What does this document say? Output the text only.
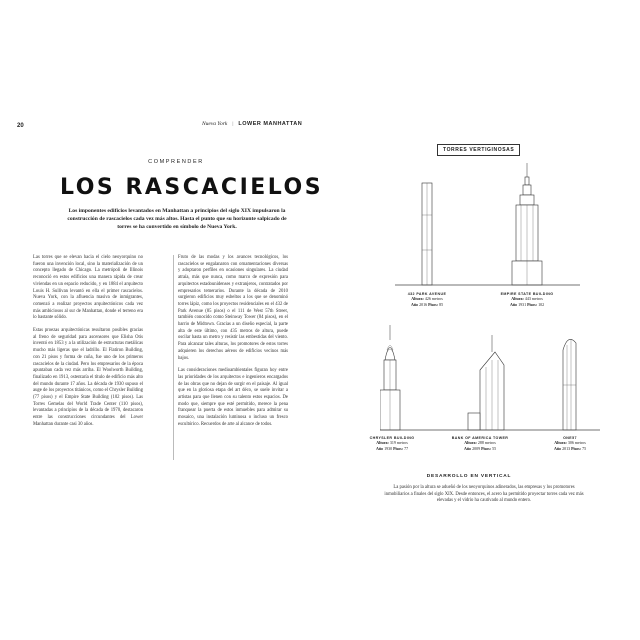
20	Nueva York | LOWER MANHATTAN
COMPRENDER
LOS RASCACIELOS
Los imponentes edificios levantados en Manhattan a principios del siglo XIX impulsaron la construcción de rascacielos cada vez más altos. Hasta el punto que su horizonte salpicado de torres se ha convertido en símbolo de Nueva York.

Las torres que se elevan hacia el cielo neoyorquino no fueron una invención local, sino la materialización de un concepto llegado de Chicago. La metrópoli de Illinois reconoció en estos edificios una manera rápida de crear viviendas en un espacio reducido, y en 1884 el arquitecto Louis H. Sullivan levantó en ella el primer rascacielos. Nueva York, con la afluencia masiva de inmigrantes, comenzó a realizar proyectos arquitectónicos cada vez más ambiciosos al sur de Manhattan, donde el terreno era lo bastante sólido.

Estas proezas arquitectónicas resultaron posibles gracias al freno de seguridad para ascensores que Elisha Otis inventó en 1853 y a la utilización de estructuras metálicas mucho más ligeras que el ladrillo. El Flatiron Building, con 21 pisos y forma de cuña, fue uno de los primeros rascacielos de la ciudad. Pero los empresarios de la época apuntaban cada vez más arriba. El Woolworth Building, finalizado en 1913, ostentaría el título de edificio más alto del mundo durante 17 años. La década de 1930 supuso el auge de los proyectos titánicos, como el Chrysler Building (77 pisos) y el Empire State Building (102 pisos). Las Torres Gemelas del World Trade Center (110 pisos), levantadas a principios de la década de 1970, destacaron entre las construcciones circundantes del Lower Manhattan durante casi 30 años.

Fruto de las modas y los avances tecnológicos, los rascacielos se engalanaron con ornamentaciones diversas y adoptaron perfiles en ocasiones singulares. La ciudad atraía, más que nunca, como marco de expresión para arquitectos estadounidenses y extranjeros, contratados por empresarios temerarios. Durante la década de 2010 surgieron edificios muy esbeltos a los que se denominó torres lápiz, como los proyectos residenciales en el 432 de Park Avenue (85 pisos) o el 111 de West 57th Street, también conocido como Steinway Tower (84 pisos), en el barrio de Midtown. Gracias a un diseño especial, la parte alta de este último, con 435 metros de altura, puede oscilar hasta un metro y resistir las embestidas del viento. Para alcanzar tales alturas, los promotores de estos torres adquieren los derechos aéreos de edificios vecinos más bajos.

Las consideraciones medioambientales figuran hoy entre las prioridades de los arquitectos e ingenieros encargados de las obras que no dejan de surgir en el paisaje. Al igual que en la gloriosa etapa del art déco, se suele invitar a artistas para que llenen con su talento estos espacios. De modo que, siempre que esté permitido, merece la pena franquear la puerta de estos inmuebles para admirar su mosaico, una instalación luminosa o incluso un fresco escultórico. Recuerdos de arte al alcance de todos.

TORRES VERTIGINOSAS
432 PARK AVENUE
Altura: 426 metros
Año 2016 Pisos: 85
EMPIRE STATE BUILDING
Altura: 443 metros
Año 1931 Pisos: 102
CHRYSLER BUILDING
Altura: 319 metros
Año 1930 Pisos: 77
BANK OF AMERICA TOWER
Altura: 288 metros
Año 2009 Pisos: 55
ONE57
Altura: 306 metros
Año 2013 Pisos: 75
DESARROLLO EN VERTICAL
La pasión por la altura se adueñó de los neoyorquinos adinerados, las empresas y los promotores inmobiliarios a finales del siglo XIX. Desde entonces, el acero ha permitido proyectar torres cada vez más elevadas y el vidrio ha cautivado al mundo entero.
